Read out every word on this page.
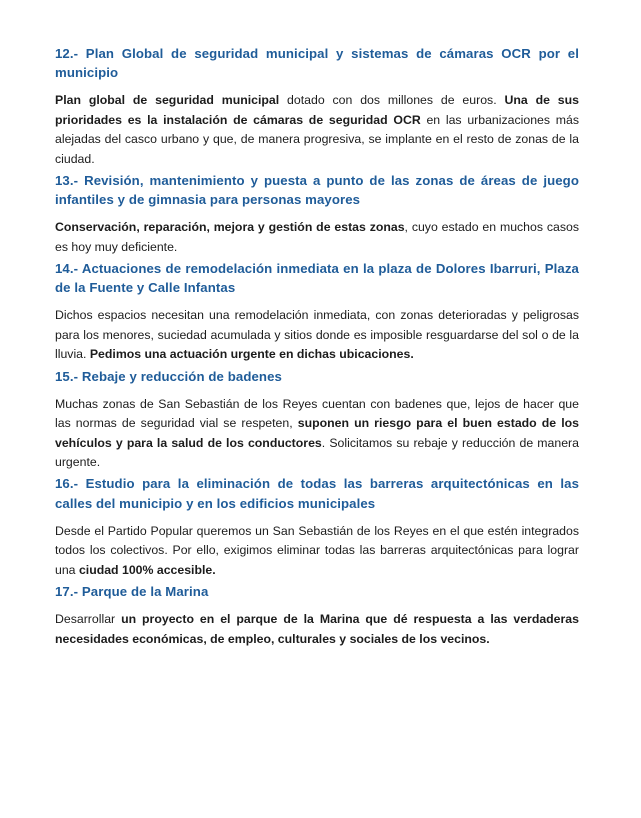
12.- Plan Global de seguridad municipal y sistemas de cámaras OCR por el municipio

Plan global de seguridad municipal dotado con dos millones de euros. Una de sus prioridades es la instalación de cámaras de seguridad OCR en las urbanizaciones más alejadas del casco urbano y que, de manera progresiva, se implante en el resto de zonas de la ciudad.

13.- Revisión, mantenimiento y puesta a punto de las zonas de áreas de juego infantiles y de gimnasia para personas mayores

Conservación, reparación, mejora y gestión de estas zonas, cuyo estado en muchos casos es hoy muy deficiente.

14.- Actuaciones de remodelación inmediata en la plaza de Dolores Ibarruri, Plaza de la Fuente y Calle Infantas

Dichos espacios necesitan una remodelación inmediata, con zonas deterioradas y peligrosas para los menores, suciedad acumulada y sitios donde es imposible resguardarse del sol o de la lluvia. Pedimos una actuación urgente en dichas ubicaciones.

15.- Rebaje y reducción de badenes

Muchas zonas de San Sebastián de los Reyes cuentan con badenes que, lejos de hacer que las normas de seguridad vial se respeten, suponen un riesgo para el buen estado de los vehículos y para la salud de los conductores. Solicitamos su rebaje y reducción de manera urgente.

16.- Estudio para la eliminación de todas las barreras arquitectónicas en las calles del municipio y en los edificios municipales

Desde el Partido Popular queremos un San Sebastián de los Reyes en el que estén integrados todos los colectivos. Por ello, exigimos eliminar todas las barreras arquitectónicas para lograr una ciudad 100% accesible.

17.- Parque de la Marina

Desarrollar un proyecto en el parque de la Marina que dé respuesta a las verdaderas necesidades económicas, de empleo, culturales y sociales de los vecinos.
